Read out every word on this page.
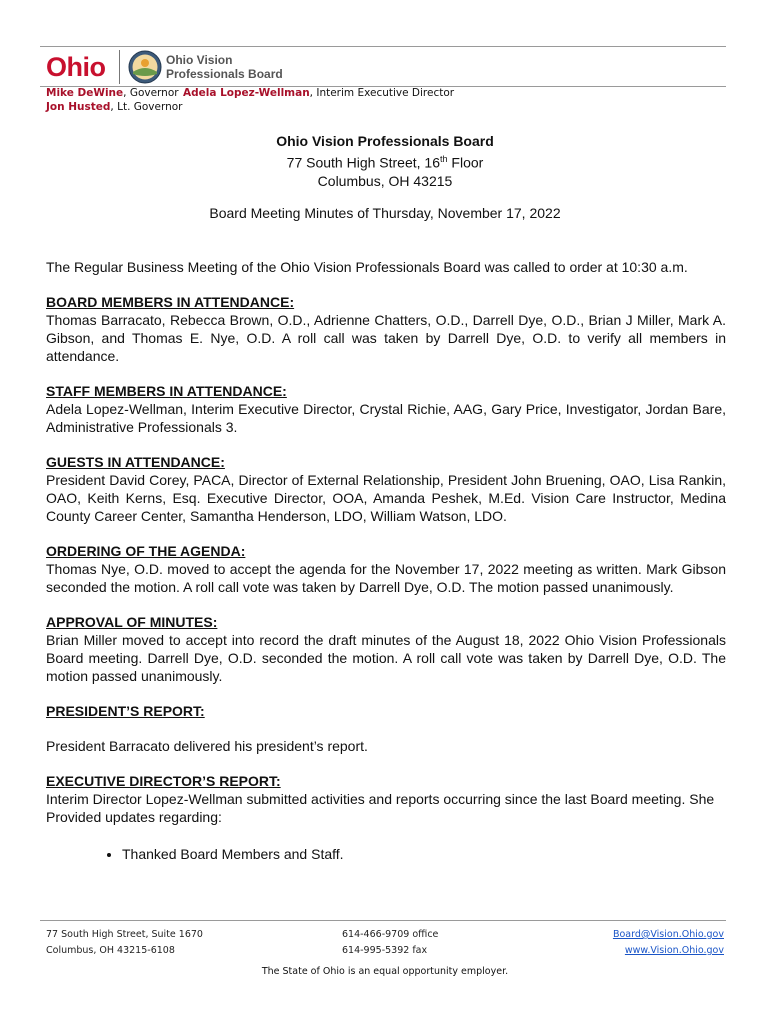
Ohio	Ohio Vision
Professionals Board
Mike DeWine, Governor
Jon Husted, Lt. Governor
Adela Lopez-Wellman, Interim Executive Director
Ohio Vision Professionals Board
77 South High Street, 16th Floor
Columbus, OH 43215
Board Meeting Minutes of Thursday, November 17, 2022

The Regular Business Meeting of the Ohio Vision Professionals Board was called to order at 10:30 a.m.

BOARD MEMBERS IN ATTENDANCE:

Thomas Barracato, Rebecca Brown, O.D., Adrienne Chatters, O.D., Darrell Dye, O.D., Brian J Miller, Mark A. Gibson, and Thomas E. Nye, O.D. A roll call was taken by Darrell Dye, O.D. to verify all members in attendance.

STAFF MEMBERS IN ATTENDANCE:

Adela Lopez-Wellman, Interim Executive Director, Crystal Richie, AAG, Gary Price, Investigator, Jordan Bare, Administrative Professionals 3.

GUESTS IN ATTENDANCE:

President David Corey, PACA, Director of External Relationship, President John Bruening, OAO, Lisa Rankin, OAO, Keith Kerns, Esq. Executive Director, OOA, Amanda Peshek, M.Ed. Vision Care Instructor, Medina County Career Center, Samantha Henderson, LDO, William Watson, LDO.

ORDERING OF THE AGENDA:

Thomas Nye, O.D. moved to accept the agenda for the November 17, 2022 meeting as written. Mark Gibson seconded the motion. A roll call vote was taken by Darrell Dye, O.D. The motion passed unanimously.

APPROVAL OF MINUTES:

Brian Miller moved to accept into record the draft minutes of the August 18, 2022 Ohio Vision Professionals Board meeting. Darrell Dye, O.D. seconded the motion. A roll call vote was taken by Darrell Dye, O.D. The motion passed unanimously.

PRESIDENT’S REPORT:

President Barracato delivered his president’s report.

EXECUTIVE DIRECTOR’S REPORT:

Interim Director Lopez-Wellman submitted activities and reports occurring since the last Board meeting. She Provided updates regarding:

• Thanked Board Members and Staff.
77 South High Street, Suite 1670
Columbus, OH 43215-6108
614-466-9709 office
614-995-5392 fax
Board@Vision.Ohio.gov
www.Vision.Ohio.gov
The State of Ohio is an equal opportunity employer.
